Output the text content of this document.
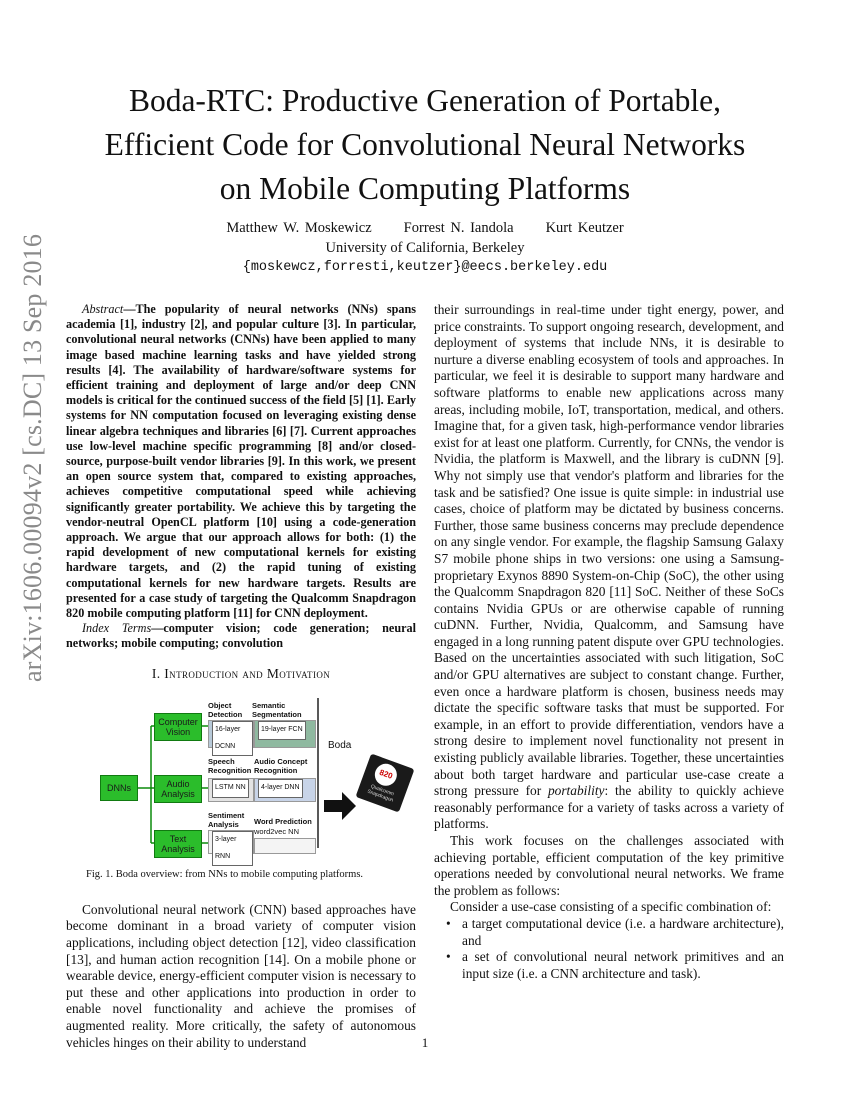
arXiv:1606.00094v2 [cs.DC] 13 Sep 2016
Boda-RTC: Productive Generation of Portable,
Efficient Code for Convolutional Neural Networks
on Mobile Computing Platforms
Matthew W. Moskewicz Forrest N. Iandola Kurt Keutzer
University of California, Berkeley
{moskewcz,forresti,keutzer}@eecs.berkeley.edu

Abstract—The popularity of neural networks (NNs) spans academia [1], industry [2], and popular culture [3]. In particular, convolutional neural networks (CNNs) have been applied to many image based machine learning tasks and have yielded strong results [4]. The availability of hardware/software systems for efficient training and deployment of large and/or deep CNN models is critical for the continued success of the field [5] [1]. Early systems for NN computation focused on leveraging existing dense linear algebra techniques and libraries [6] [7]. Current approaches use low-level machine specific programming [8] and/or closed-source, purpose-built vendor libraries [9]. In this work, we present an open source system that, compared to existing approaches, achieves competitive computational speed while achieving significantly greater portability. We achieve this by targeting the vendor-neutral OpenCL platform [10] using a code-generation approach. We argue that our approach allows for both: (1) the rapid development of new computational kernels for existing hardware targets, and (2) the rapid tuning of existing computational kernels for new hardware targets. Results are presented for a case study of targeting the Qualcomm Snapdragon 820 mobile computing platform [11] for CNN deployment.

Index Terms—computer vision; code generation; neural networks; mobile computing; convolution

I. Introduction and Motivation
DNNs
Computer Vision
Audio Analysis
Text Analysis
Object Detection
Semantic Segmentation
16-layer DCNN
19-layer FCN
Speech Recognition
Audio Concept Recognition
LSTM NN	4-layer DNN
Sentiment Analysis	Word Prediction
3-layer RNN
word2vec NN
Boda
820
Qualcomm Snapdragon
Fig. 1. Boda overview: from NNs to mobile computing platforms.

Convolutional neural network (CNN) based approaches have become dominant in a broad variety of computer vision applications, including object detection [12], video classification [13], and human action recognition [14]. On a mobile phone or wearable device, energy-efficient computer vision is necessary to put these and other applications into production in order to enable novel functionality and achieve the promises of augmented reality. More critically, the safety of autonomous vehicles hinges on their ability to understand

their surroundings in real-time under tight energy, power, and price constraints. To support ongoing research, development, and deployment of systems that include NNs, it is desirable to nurture a diverse enabling ecosystem of tools and approaches. In particular, we feel it is desirable to support many hardware and software platforms to enable new applications across many areas, including mobile, IoT, transportation, medical, and others. Imagine that, for a given task, high-performance vendor libraries exist for at least one platform. Currently, for CNNs, the vendor is Nvidia, the platform is Maxwell, and the library is cuDNN [9]. Why not simply use that vendor's platform and libraries for the task and be satisfied? One issue is quite simple: in industrial use cases, choice of platform may be dictated by business concerns. Further, those same business concerns may preclude dependence on any single vendor. For example, the flagship Samsung Galaxy S7 mobile phone ships in two versions: one using a Samsung-proprietary Exynos 8890 System-on-Chip (SoC), the other using the Qualcomm Snapdragon 820 [11] SoC. Neither of these SoCs contains Nvidia GPUs or are otherwise capable of running cuDNN. Further, Nvidia, Qualcomm, and Samsung have engaged in a long running patent dispute over GPU technologies. Based on the uncertainties associated with such litigation, SoC and/or GPU alternatives are subject to constant change. Further, even once a hardware platform is chosen, business needs may dictate the specific software tasks that must be supported. For example, in an effort to provide differentiation, vendors have a strong desire to implement novel functionality not present in existing publicly available libraries. Together, these uncertainties about both target hardware and particular use-case create a strong pressure for portability: the ability to quickly achieve reasonably performance for a variety of tasks across a variety of platforms.

This work focuses on the challenges associated with achieving portable, efficient computation of the key primitive operations needed by convolutional neural networks. We frame the problem as follows:

Consider a use-case consisting of a specific combination of:

• a target computational device (i.e. a hardware architecture), and
• a set of convolutional neural network primitives and an input size (i.e. a CNN architecture and task).
1
